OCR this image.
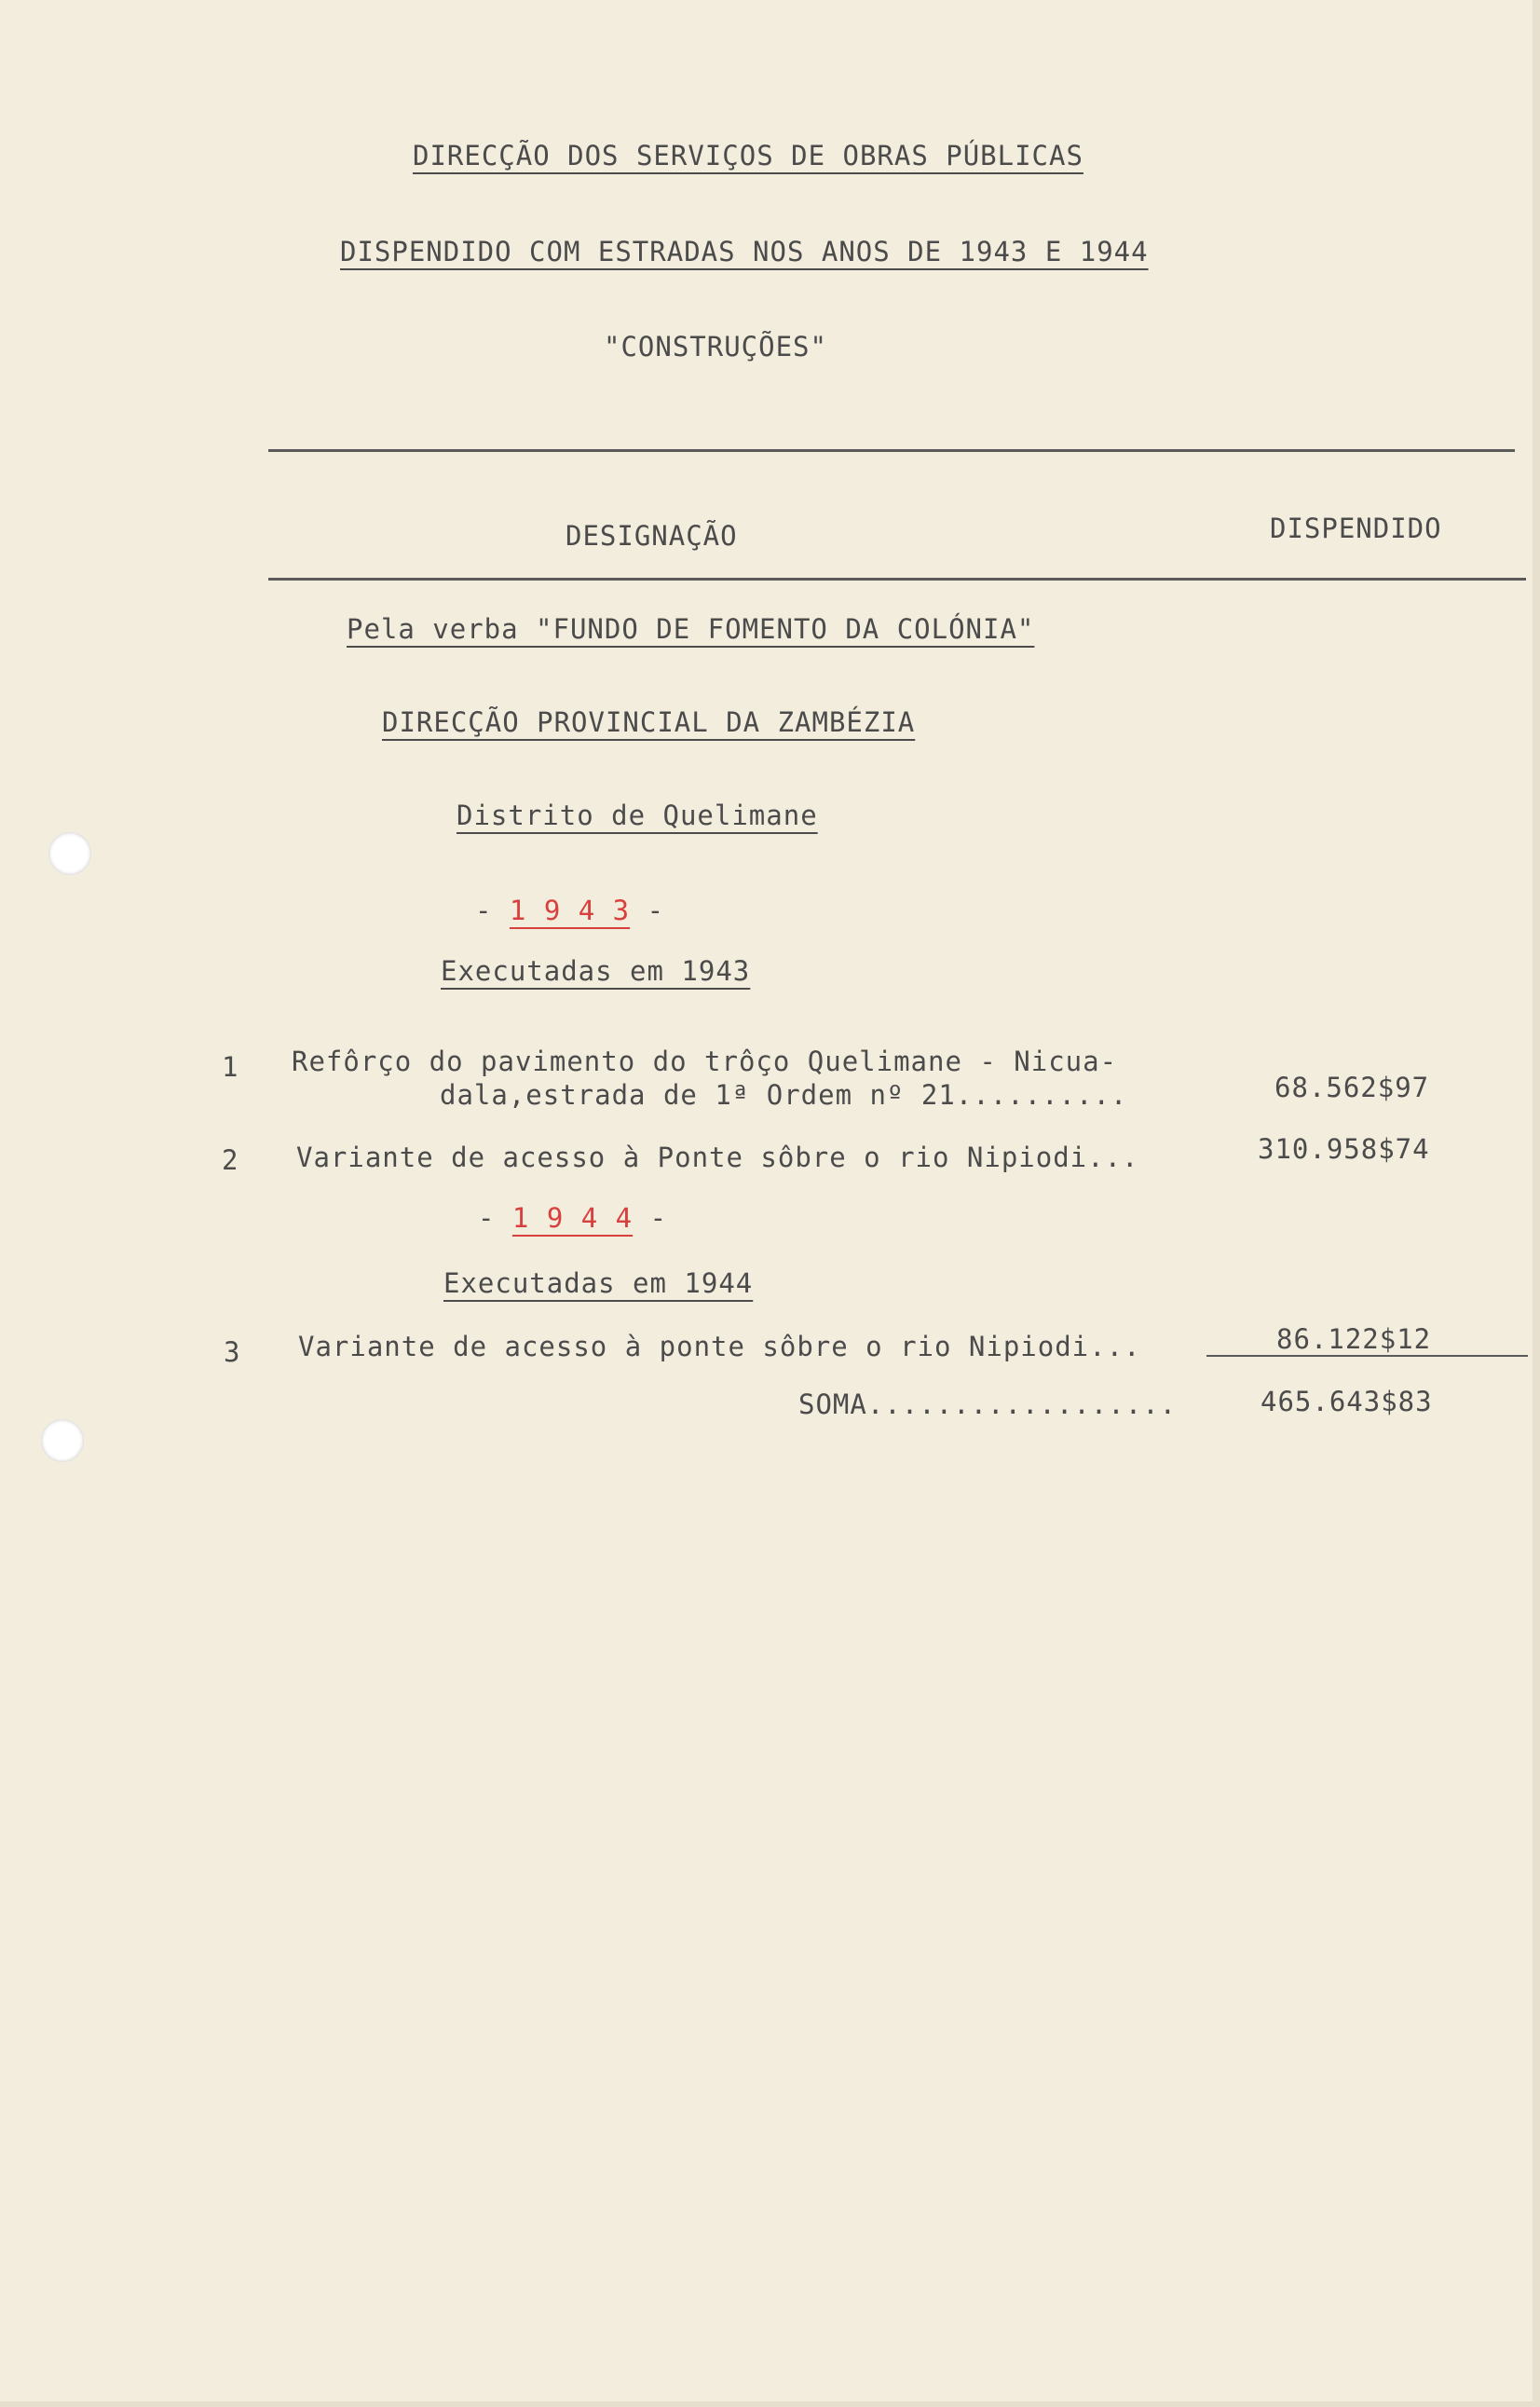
DIRECÇÃO DOS SERVIÇOS DE OBRAS PÚBLICAS
DISPENDIDO COM ESTRADAS NOS ANOS DE 1943 E 1944
"CONSTRUÇÕES"
DESIGNAÇÃO	DISPENDIDO
Pela verba "FUNDO DE FOMENTO DA COLÓNIA"
DIRECÇÃO PROVINCIAL DA ZAMBÉZIA
Distrito de Quelimane
- 1 9 4 3 -
Executadas em 1943
1 Refôrço do pavimento do trôço Quelimane - Nicua-
dala,estrada de 1ª Ordem nº 21..........	68.562$97
2 Variante de acesso à Ponte sôbre o rio Nipiodi...	310.958$74
- 1 9 4 4 -
Executadas em 1944
3 Variante de acesso à ponte sôbre o rio Nipiodi...	86.122$12
SOMA..................	465.643$83
